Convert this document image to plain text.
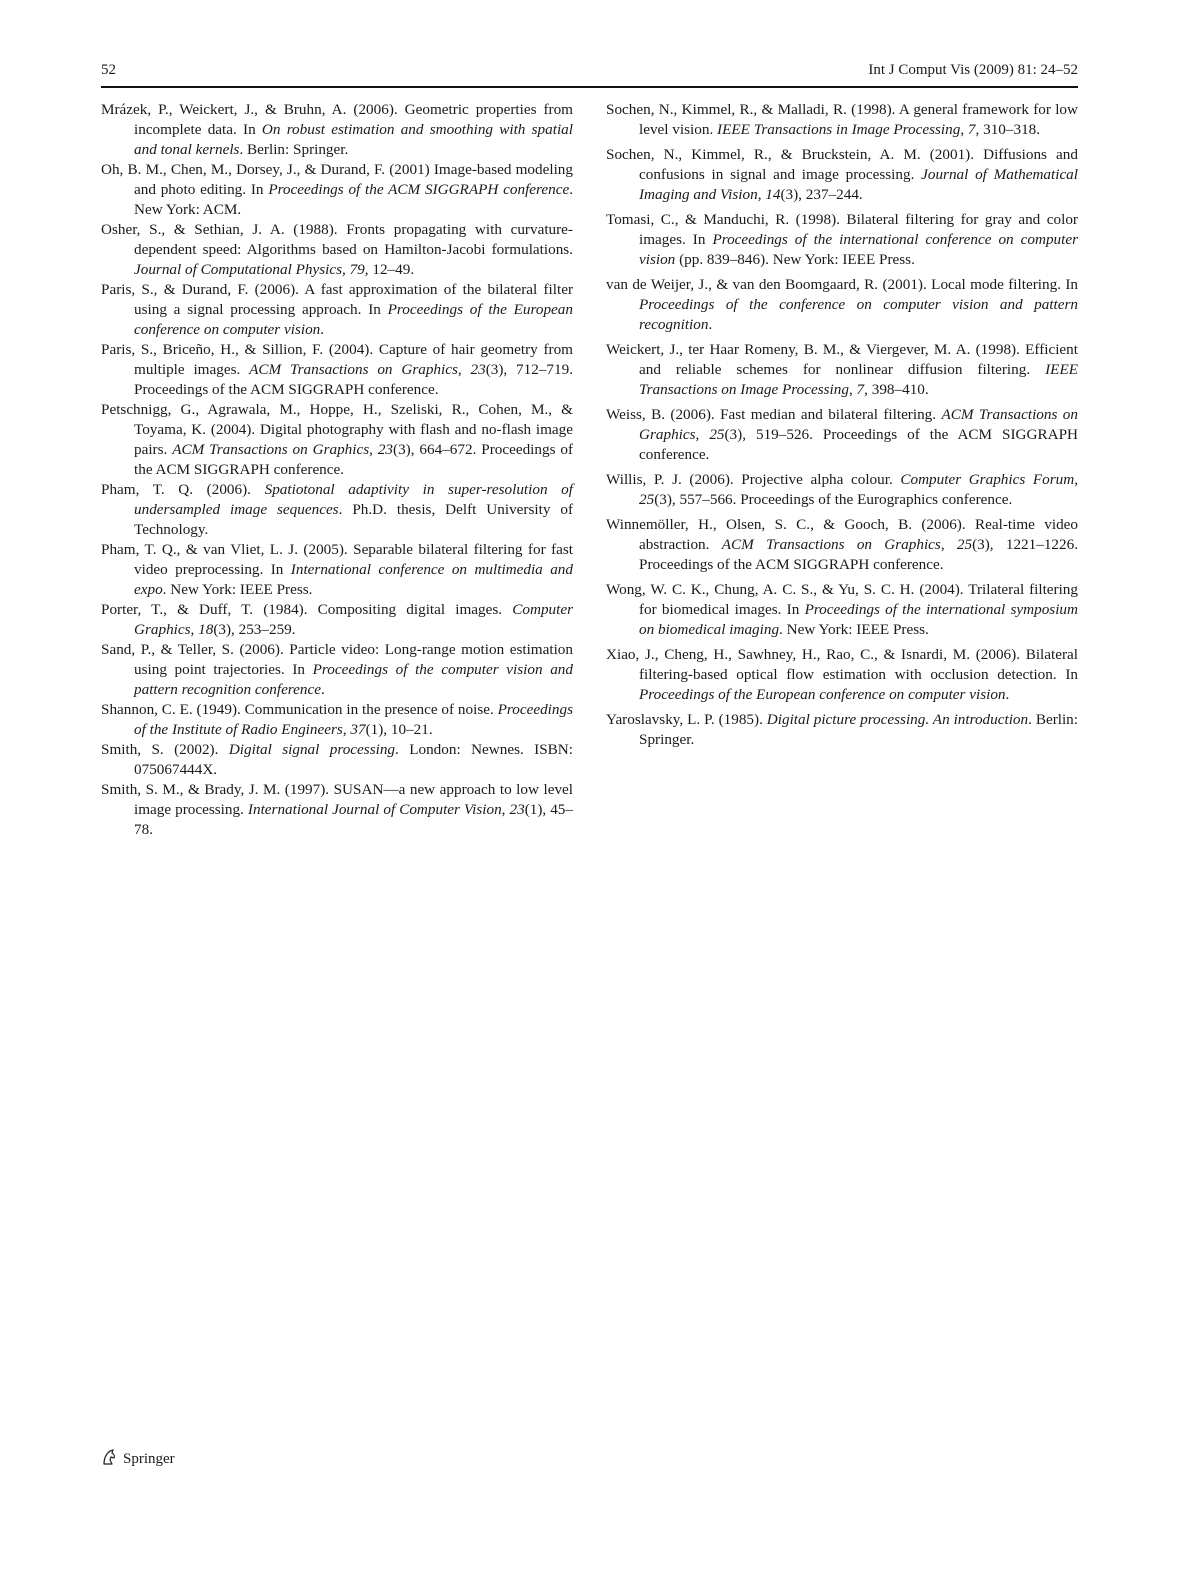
52	Int J Comput Vis (2009) 81: 24–52

Mrázek, P., Weickert, J., & Bruhn, A. (2006). Geometric properties from incomplete data. In On robust estimation and smoothing with spatial and tonal kernels. Berlin: Springer.

Oh, B. M., Chen, M., Dorsey, J., & Durand, F. (2001) Image-based modeling and photo editing. In Proceedings of the ACM SIGGRAPH conference. New York: ACM.

Osher, S., & Sethian, J. A. (1988). Fronts propagating with curvature-dependent speed: Algorithms based on Hamilton-Jacobi formulations. Journal of Computational Physics, 79, 12–49.

Paris, S., & Durand, F. (2006). A fast approximation of the bilateral filter using a signal processing approach. In Proceedings of the European conference on computer vision.

Paris, S., Briceño, H., & Sillion, F. (2004). Capture of hair geometry from multiple images. ACM Transactions on Graphics, 23(3), 712–719. Proceedings of the ACM SIGGRAPH conference.

Petschnigg, G., Agrawala, M., Hoppe, H., Szeliski, R., Cohen, M., & Toyama, K. (2004). Digital photography with flash and no-flash image pairs. ACM Transactions on Graphics, 23(3), 664–672. Proceedings of the ACM SIGGRAPH conference.

Pham, T. Q. (2006). Spatiotonal adaptivity in super-resolution of undersampled image sequences. Ph.D. thesis, Delft University of Technology.

Pham, T. Q., & van Vliet, L. J. (2005). Separable bilateral filtering for fast video preprocessing. In International conference on multimedia and expo. New York: IEEE Press.

Porter, T., & Duff, T. (1984). Compositing digital images. Computer Graphics, 18(3), 253–259.

Sand, P., & Teller, S. (2006). Particle video: Long-range motion estimation using point trajectories. In Proceedings of the computer vision and pattern recognition conference.

Shannon, C. E. (1949). Communication in the presence of noise. Proceedings of the Institute of Radio Engineers, 37(1), 10–21.

Smith, S. (2002). Digital signal processing. London: Newnes. ISBN: 075067444X.

Smith, S. M., & Brady, J. M. (1997). SUSAN—a new approach to low level image processing. International Journal of Computer Vision, 23(1), 45–78.

Sochen, N., Kimmel, R., & Malladi, R. (1998). A general framework for low level vision. IEEE Transactions in Image Processing, 7, 310–318.

Sochen, N., Kimmel, R., & Bruckstein, A. M. (2001). Diffusions and confusions in signal and image processing. Journal of Mathematical Imaging and Vision, 14(3), 237–244.

Tomasi, C., & Manduchi, R. (1998). Bilateral filtering for gray and color images. In Proceedings of the international conference on computer vision (pp. 839–846). New York: IEEE Press.

van de Weijer, J., & van den Boomgaard, R. (2001). Local mode filtering. In Proceedings of the conference on computer vision and pattern recognition.

Weickert, J., ter Haar Romeny, B. M., & Viergever, M. A. (1998). Efficient and reliable schemes for nonlinear diffusion filtering. IEEE Transactions on Image Processing, 7, 398–410.

Weiss, B. (2006). Fast median and bilateral filtering. ACM Transactions on Graphics, 25(3), 519–526. Proceedings of the ACM SIGGRAPH conference.

Willis, P. J. (2006). Projective alpha colour. Computer Graphics Forum, 25(3), 557–566. Proceedings of the Eurographics conference.

Winnemöller, H., Olsen, S. C., & Gooch, B. (2006). Real-time video abstraction. ACM Transactions on Graphics, 25(3), 1221–1226. Proceedings of the ACM SIGGRAPH conference.

Wong, W. C. K., Chung, A. C. S., & Yu, S. C. H. (2004). Trilateral filtering for biomedical images. In Proceedings of the international symposium on biomedical imaging. New York: IEEE Press.

Xiao, J., Cheng, H., Sawhney, H., Rao, C., & Isnardi, M. (2006). Bilateral filtering-based optical flow estimation with occlusion detection. In Proceedings of the European conference on computer vision.

Yaroslavsky, L. P. (1985). Digital picture processing. An introduction. Berlin: Springer.

Springer
